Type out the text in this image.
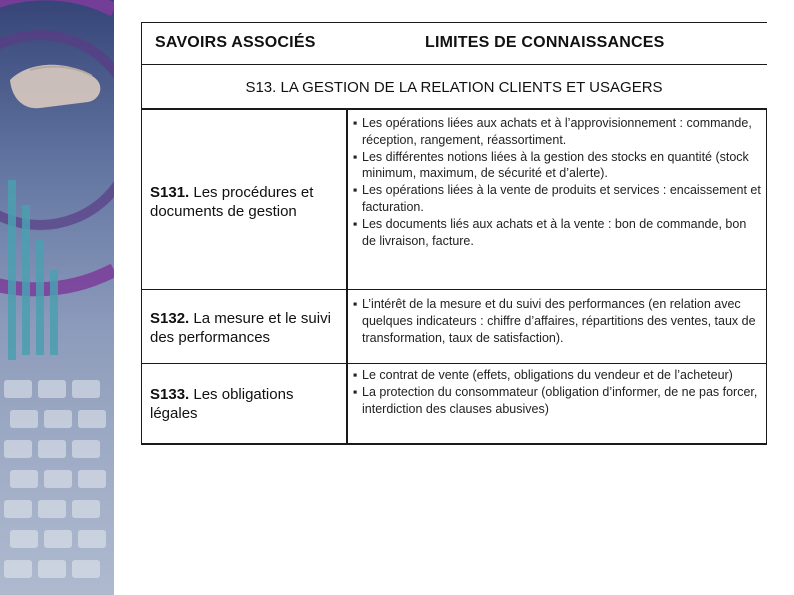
SAVOIRS ASSOCIÉS	LIMITES DE CONNAISSANCES
S13. LA GESTION DE LA RELATION CLIENTS ET USAGERS
S131. Les procédures et documents de gestion
▪ Les opérations liées aux achats et à l’approvisionnement : commande, réception, rangement, réassortiment.
▪ Les différentes notions liées à la gestion des stocks en quantité (stock minimum, maximum, de sécurité et d’alerte).
▪ Les opérations liées à la vente de produits et services : encaissement et facturation.
▪ Les documents liés aux achats et à la vente : bon de commande, bon de livraison, facture.
S132. La mesure et le suivi des performances
▪ L’intérêt de la mesure et du suivi des performances (en relation avec quelques indicateurs : chiffre d’affaires, répartitions des ventes, taux de transformation, taux de satisfaction).
S133. Les obligations légales
▪ Le contrat de vente (effets, obligations du vendeur et de l’acheteur)
▪ La protection du consommateur (obligation d’informer, de ne pas forcer, interdiction des clauses abusives)
